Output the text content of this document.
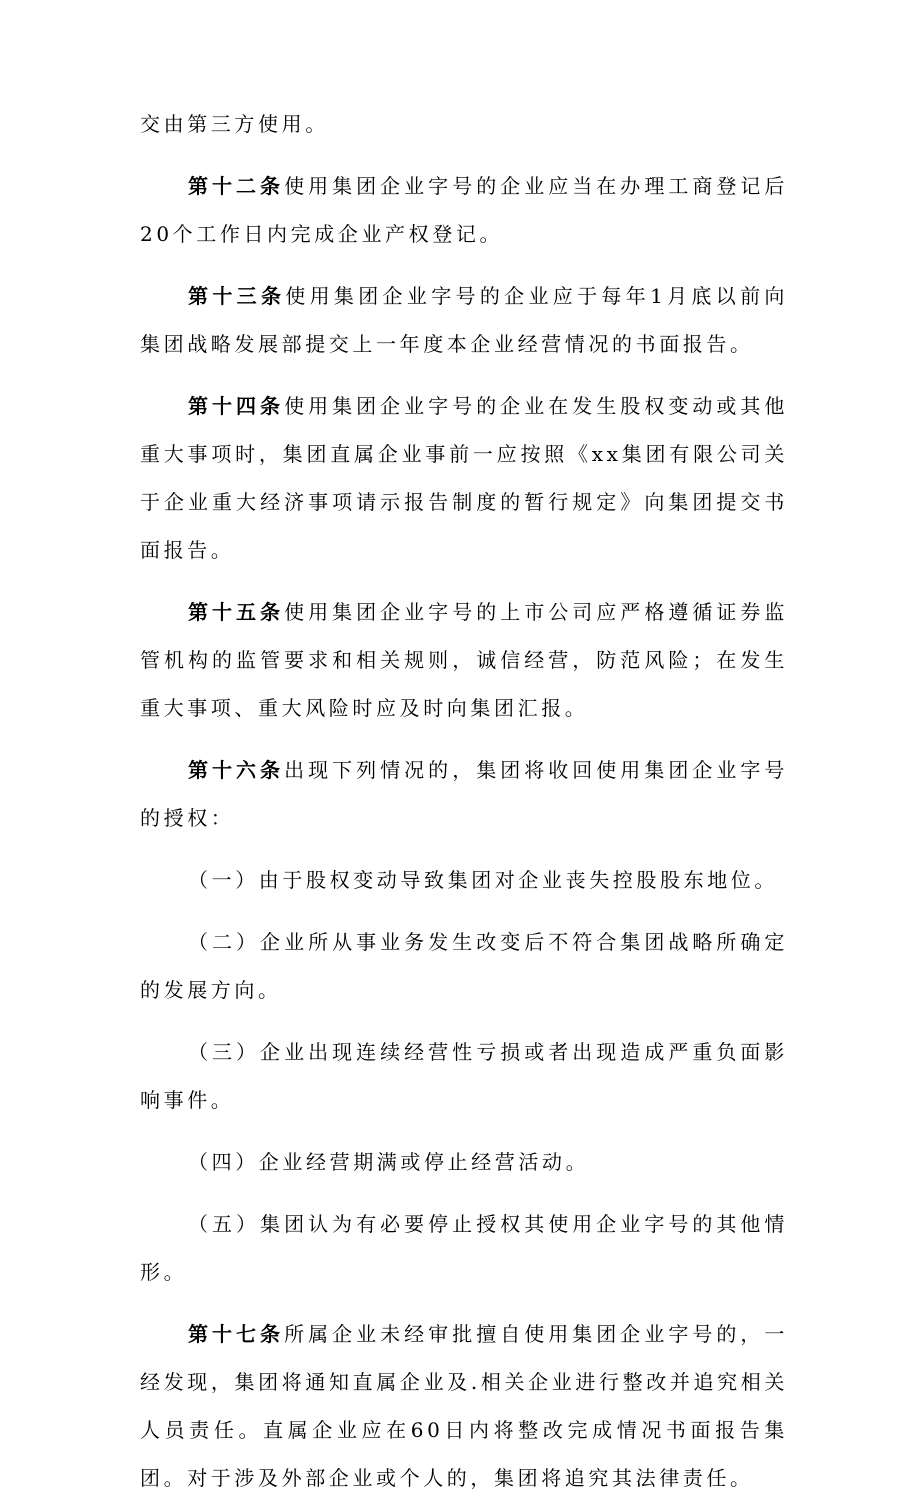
交由第三方使用。

第十二条使用集团企业字号的企业应当在办理工商登记后20个工作日内完成企业产权登记。

第十三条使用集团企业字号的企业应于每年1月底以前向集团战略发展部提交上一年度本企业经营情况的书面报告。

第十四条使用集团企业字号的企业在发生股权变动或其他重大事项时，集团直属企业事前一应按照《xx集团有限公司关于企业重大经济事项请示报告制度的暂行规定》向集团提交书面报告。

第十五条使用集团企业字号的上市公司应严格遵循证券监管机构的监管要求和相关规则，诚信经营，防范风险；在发生重大事项、重大风险时应及时向集团汇报。

第十六条出现下列情况的，集团将收回使用集团企业字号的授权：

（一）由于股权变动导致集团对企业丧失控股股东地位。

（二）企业所从事业务发生改变后不符合集团战略所确定的发展方向。

（三）企业出现连续经营性亏损或者出现造成严重负面影响事件。

（四）企业经营期满或停止经营活动。

（五）集团认为有必要停止授权其使用企业字号的其他情形。

第十七条所属企业未经审批擅自使用集团企业字号的，一经发现，集团将通知直属企业及.相关企业进行整改并追究相关人员责任。直属企业应在60日内将整改完成情况书面报告集团。对于涉及外部企业或个人的，集团将追究其法律责任。
